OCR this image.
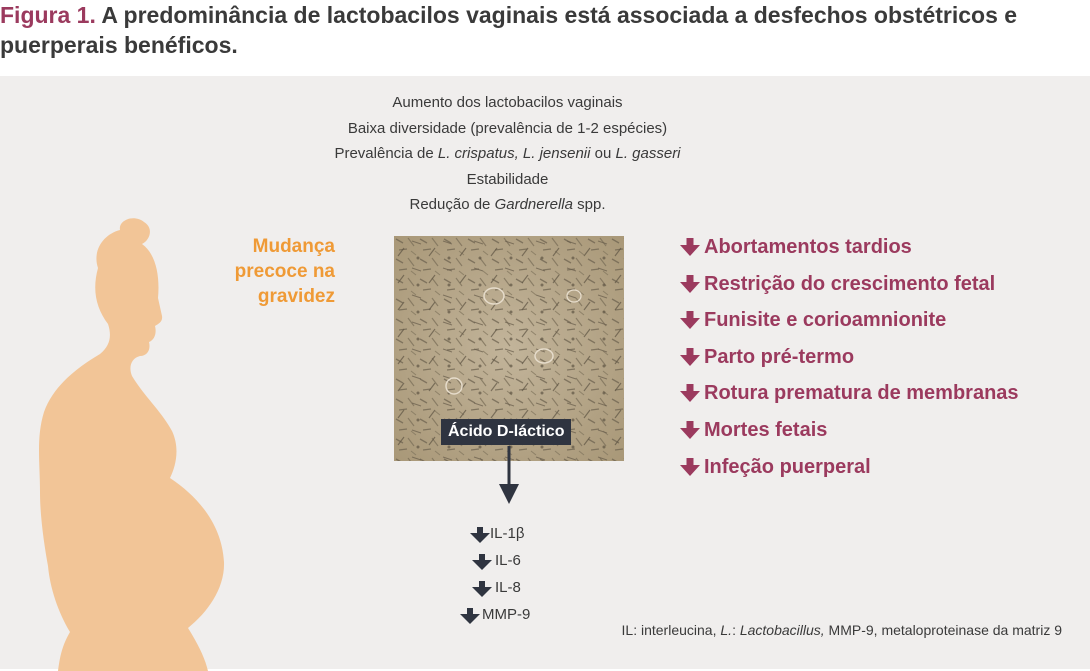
Figura 1. A predominância de lactobacilos vaginais está associada a desfechos obstétricos e puerperais benéficos.
Aumento dos lactobacilos vaginais
Baixa diversidade (prevalência de 1-2 espécies)
Prevalência de L. crispatus, L. jensenii ou L. gasseri
Estabilidade
Redução de Gardnerella spp.
Mudança precoce na gravidez
Ácido D-láctico
IL-1β
IL-6
IL-8
MMP-9
Abortamentos tardios
Restrição do crescimento fetal
Funisite e corioamnionite
Parto pré-termo
Rotura prematura de membranas
Mortes fetais
Infeção puerperal
IL: interleucina, L.: Lactobacillus, MMP-9, metaloproteinase da matriz 9
